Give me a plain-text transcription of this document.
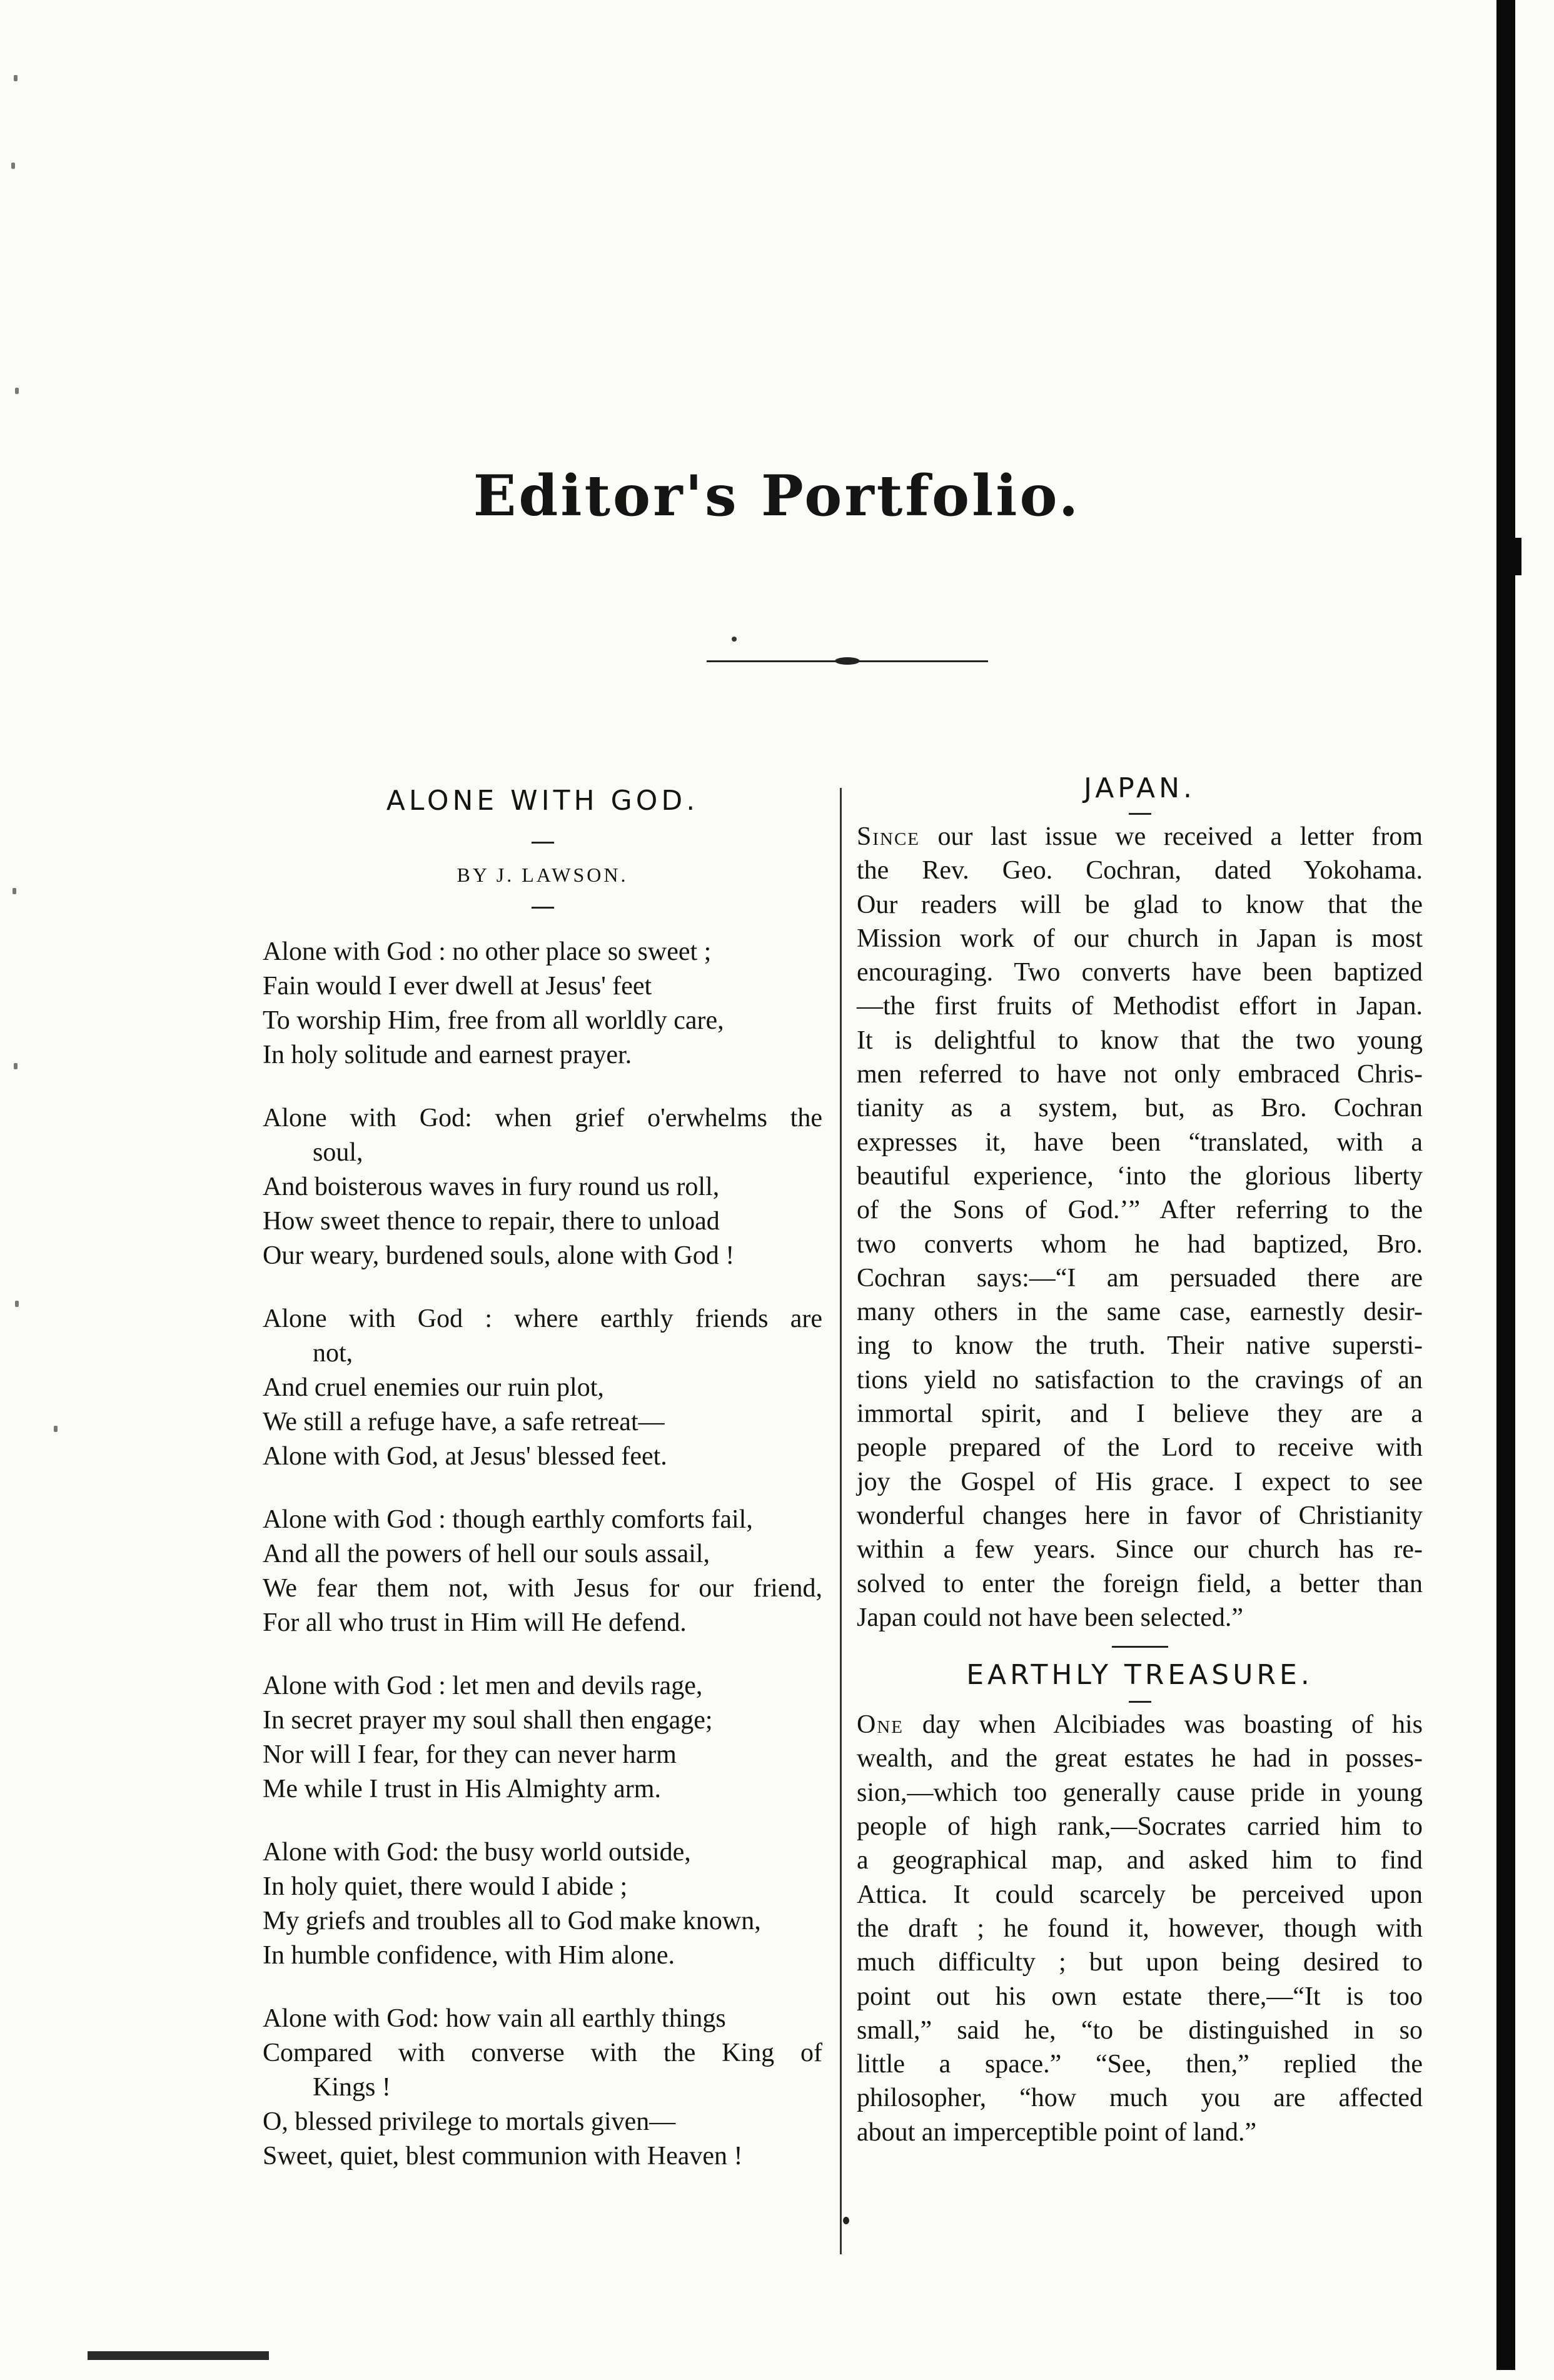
Editor's Portfolio.
ALONE WITH GOD.
BY J. LAWSON.
Alone with God : no other place so sweet ;
Fain would I ever dwell at Jesus' feet
To worship Him, free from all worldly care,
In holy solitude and earnest prayer.
Alone with God: when grief o'erwhelms the
soul,
And boisterous waves in fury round us roll,
How sweet thence to repair, there to unload
Our weary, burdened souls, alone with God !
Alone with God : where earthly friends are
not,
And cruel enemies our ruin plot,
We still a refuge have, a safe retreat—
Alone with God, at Jesus' blessed feet.
Alone with God : though earthly comforts fail,
And all the powers of hell our souls assail,
We fear them not, with Jesus for our friend,
For all who trust in Him will He defend.
Alone with God : let men and devils rage,
In secret prayer my soul shall then engage;
Nor will I fear, for they can never harm
Me while I trust in His Almighty arm.
Alone with God: the busy world outside,
In holy quiet, there would I abide ;
My griefs and troubles all to God make known,
In humble confidence, with Him alone.
Alone with God: how vain all earthly things
Compared with converse with the King of
Kings !
O, blessed privilege to mortals given—
Sweet, quiet, blest communion with Heaven !
JAPAN.
Since our last issue we received a letter from
the Rev. Geo. Cochran, dated Yokohama.
Our readers will be glad to know that the
Mission work of our church in Japan is most
encouraging. Two converts have been baptized
—the first fruits of Methodist effort in Japan.
It is delightful to know that the two young
men referred to have not only embraced Chris-
tianity as a system, but, as Bro. Cochran
expresses it, have been “translated, with a
beautiful experience, ‘into the glorious liberty
of the Sons of God.’” After referring to the
two converts whom he had baptized, Bro.
Cochran says:—“I am persuaded there are
many others in the same case, earnestly desir-
ing to know the truth. Their native supersti-
tions yield no satisfaction to the cravings of an
immortal spirit, and I believe they are a
people prepared of the Lord to receive with
joy the Gospel of His grace. I expect to see
wonderful changes here in favor of Christianity
within a few years. Since our church has re-
solved to enter the foreign field, a better than
Japan could not have been selected.”
EARTHLY TREASURE.
One day when Alcibiades was boasting of his
wealth, and the great estates he had in posses-
sion,—which too generally cause pride in young
people of high rank,—Socrates carried him to
a geographical map, and asked him to find
Attica. It could scarcely be perceived upon
the draft ; he found it, however, though with
much difficulty ; but upon being desired to
point out his own estate there,—“It is too
small,” said he, “to be distinguished in so
little a space.” “See, then,” replied the
philosopher, “how much you are affected
about an imperceptible point of land.”
